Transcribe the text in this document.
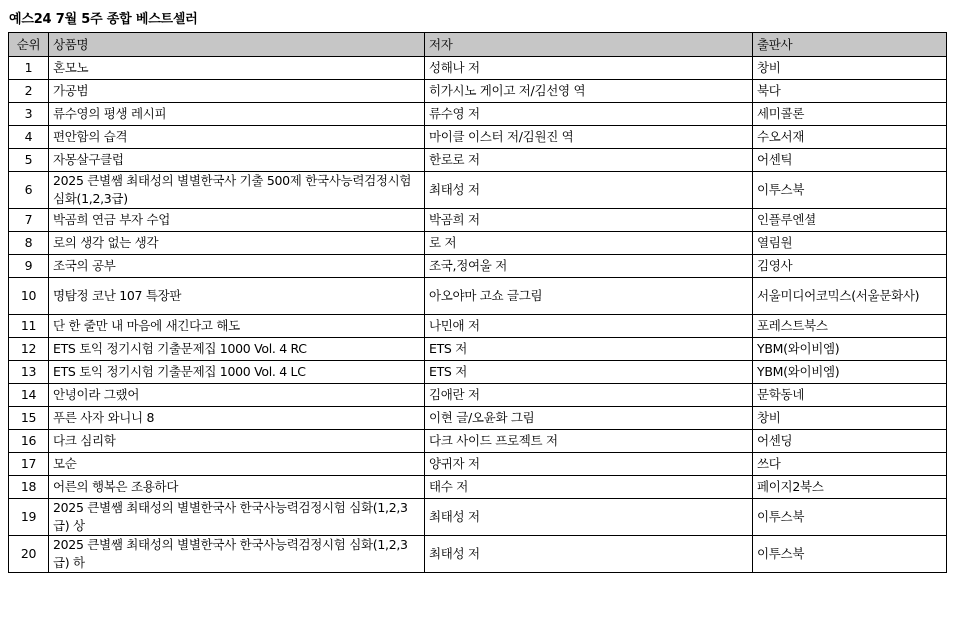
예스24 7월 5주 종합 베스트셀러
순위	상품명	저자	출판사
1	혼모노	성해나 저	창비
2	가공범	히가시노 게이고 저/김선영 역	북다
3	류수영의 평생 레시피	류수영 저	세미콜론
4	편안함의 습격	마이클 이스터 저/김원진 역	수오서재
5	자몽살구클럽	한로로 저	어센틱
6	2025 큰별쌤 최태성의 별별한국사 기출 500제 한국사능력검정시험 심화(1,2,3급)	최태성 저	이투스북
7	박곰희 연금 부자 수업	박곰희 저	인플루엔셜
8	로의 생각 없는 생각	로 저	열림원
9	조국의 공부	조국,정여울 저	김영사
10	명탐정 코난 107 특장판	아오야마 고쇼 글그림	서울미디어코믹스(서울문화사)
11	단 한 줄만 내 마음에 새긴다고 해도	나민애 저	포레스트북스
12	ETS 토익 정기시험 기출문제집 1000 Vol. 4 RC	ETS 저	YBM(와이비엠)
13	ETS 토익 정기시험 기출문제집 1000 Vol. 4 LC	ETS 저	YBM(와이비엠)
14	안녕이라 그랬어	김애란 저	문학동네
15	푸른 사자 와니니 8	이현 글/오윤화 그림	창비
16	다크 심리학	다크 사이드 프로젝트 저	어센딩
17	모순	양귀자 저	쓰다
18	어른의 행복은 조용하다	태수 저	페이지2북스
19	2025 큰별쌤 최태성의 별별한국사 한국사능력검정시험 심화(1,2,3급) 상	최태성 저	이투스북
20	2025 큰별쌤 최태성의 별별한국사 한국사능력검정시험 심화(1,2,3급) 하	최태성 저	이투스북
